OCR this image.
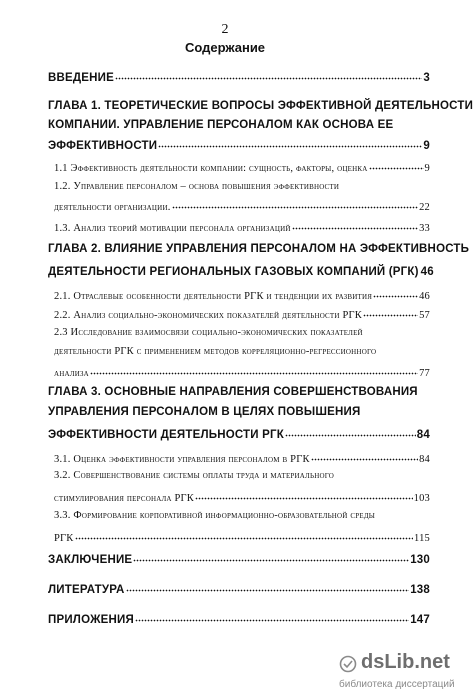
2
Содержание
ВВЕДЕНИЕ	3
ГЛАВА 1. ТЕОРЕТИЧЕСКИЕ ВОПРОСЫ ЭФФЕКТИВНОЙ ДЕЯТЕЛЬНОСТИ
КОМПАНИИ. УПРАВЛЕНИЕ ПЕРСОНАЛОМ КАК ОСНОВА ЕЕ
ЭФФЕКТИВНОСТИ	9
1.1 Эффективность деятельности компании: сущность, факторы, оценка	9
1.2. Управление персоналом – основа повышения эффективности
деятельности организации.	22
1.3. Анализ теорий мотивации персонала организаций	33
ГЛАВА 2. ВЛИЯНИЕ УПРАВЛЕНИЯ ПЕРСОНАЛОМ НА ЭФФЕКТИВНОСТЬ
ДЕЯТЕЛЬНОСТИ РЕГИОНАЛЬНЫХ ГАЗОВЫХ КОМПАНИЙ (РГК) 46
2.1. Отраслевые особенности деятельности РГК и тенденции их развития	46
2.2. Анализ социально-экономических показателей деятельности РГК	57
2.3 Исследование взаимосвязи социально-экономических показателей
деятельности РГК с применением методов корреляционно-регрессионного
анализа	77
ГЛАВА 3. ОСНОВНЫЕ НАПРАВЛЕНИЯ СОВЕРШЕНСТВОВАНИЯ
УПРАВЛЕНИЯ ПЕРСОНАЛОМ В ЦЕЛЯХ ПОВЫШЕНИЯ
ЭФФЕКТИВНОСТИ ДЕЯТЕЛЬНОСТИ РГК	84
3.1. Оценка эффективности управления персоналом в РГК	84
3.2. Совершенствование системы оплаты труда и материального
стимулирования персонала РГК	103
3.3. Формирование корпоративной информационно-образовательной среды
РГК	115
ЗАКЛЮЧЕНИЕ	130
ЛИТЕРАТУРА	138
ПРИЛОЖЕНИЯ	147
dsLib.net
библиотека диссертаций
